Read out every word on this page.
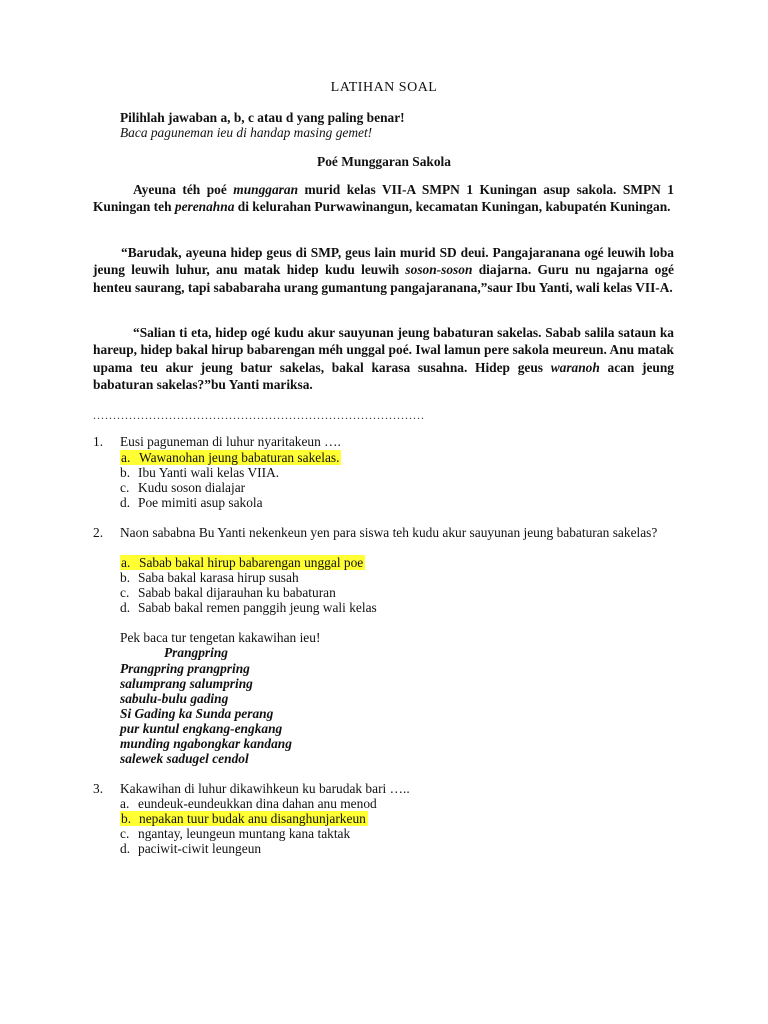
LATIHAN SOAL
Pilihlah jawaban a, b, c atau d yang paling benar!
Baca paguneman ieu di handap masing gemet!
Poé Munggaran Sakola
Ayeuna téh poé munggaran murid kelas VII-A SMPN 1 Kuningan asup sakola. SMPN 1 Kuningan teh perenahna di kelurahan Purwawinangun, kecamatan Kuningan, kabupatén Kuningan.
“Barudak, ayeuna hidep geus di SMP, geus lain murid SD deui. Pangajaranana ogé leuwih loba jeung leuwih luhur, anu matak hidep kudu leuwih soson-soson diajarna. Guru nu ngajarna ogé henteu saurang, tapi sababaraha urang gumantung pangajaranana,”saur Ibu Yanti, wali kelas VII-A.
“Salian ti eta, hidep ogé kudu akur sauyunan jeung babaturan sakelas. Sabab salila sataun ka hareup, hidep bakal hirup babarengan méh unggal poé. Iwal lamun pere sakola meureun. Anu matak upama teu akur jeung batur sakelas, bakal karasa susahna. Hidep geus waranoh acan jeung babaturan sakelas?”bu Yanti mariksa.
...................................................................................
1.	Eusi paguneman di luhur nyaritakeun ….
a. Wawanohan jeung babaturan sakelas.
b. Ibu Yanti wali kelas VIIA.
c. Kudu soson dialajar
d. Poe mimiti asup sakola
2.	Naon sababna Bu Yanti nekenkeun yen para siswa teh kudu akur sauyunan jeung babaturan sakelas?
a. Sabab bakal hirup babarengan unggal poe
b. Saba bakal karasa hirup susah
c. Sabab bakal dijarauhan ku babaturan
d. Sabab bakal remen panggih jeung wali kelas
Pek baca tur tengetan kakawihan ieu!
Prangpring
Prangpring prangpring
salumprang salumpring
sabulu-bulu gading
Si Gading ka Sunda perang
pur kuntul engkang-engkang
munding ngabongkar kandang
salewek sadugel cendol
3.	Kakawihan di luhur dikawihkeun ku barudak bari …..
a. eundeuk-eundeukkan dina dahan anu menod
b. nepakan tuur budak anu disanghunjarkeun
c. ngantay, leungeun muntang kana taktak
d. paciwit-ciwit leungeun
